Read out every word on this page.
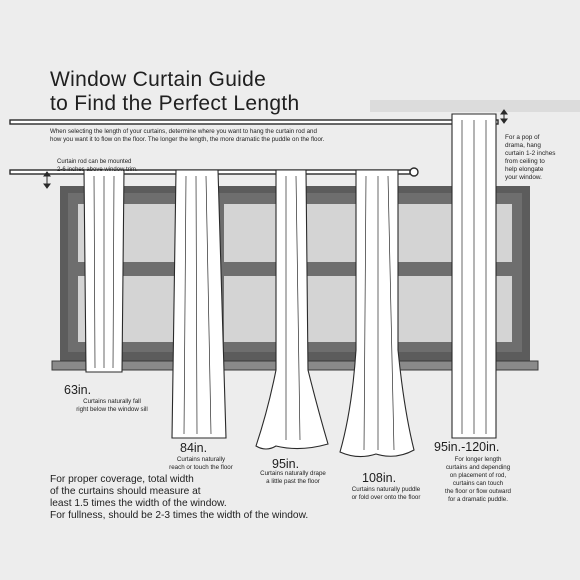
Window Curtain Guide
to Find the Perfect Length
When selecting the length of your curtains, determine where you want to hang the curtain rod and
how you want it to flow on the floor. The longer the length, the more dramatic the puddle on the floor.
Curtain rod can be mounted
2-6 inches above window trim.
For a pop of
drama, hang
curtain 1-2 inches
from ceiling to
help elongate
your window.
63in.
Curtains naturally fall
right below the window sill
84in.
Curtains naturally
reach or touch the floor	95in.
Curtains naturally drape
a little past the floor	108in.
Curtains naturally puddle
or fold over onto the floor
95in.-120in.
For longer length
curtains and depending
on placement of rod,
curtains can touch
the floor or flow outward
for a dramatic puddle.
For proper coverage, total width
of the curtains should measure at
least 1.5 times the width of the window.
For fullness, should be 2-3 times the width of the window.
